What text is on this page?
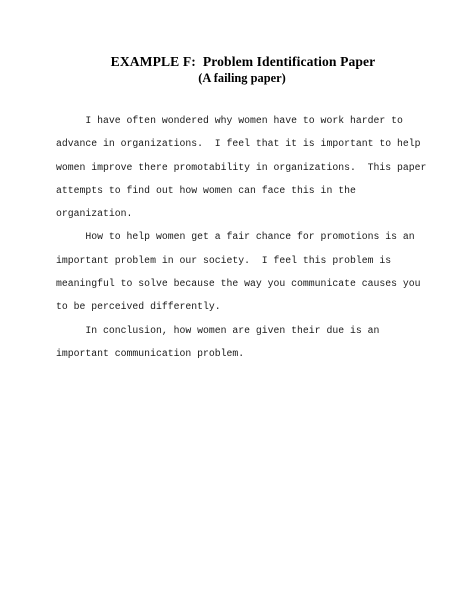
EXAMPLE F:  Problem Identification Paper
(A failing paper)
I have often wondered why women have to work harder to
advance in organizations.  I feel that it is important to help
women improve there promotability in organizations.  This paper
attempts to find out how women can face this in the
organization.
How to help women get a fair chance for promotions is an
important problem in our society.  I feel this problem is
meaningful to solve because the way you communicate causes you
to be perceived differently.
In conclusion, how women are given their due is an
important communication problem.
